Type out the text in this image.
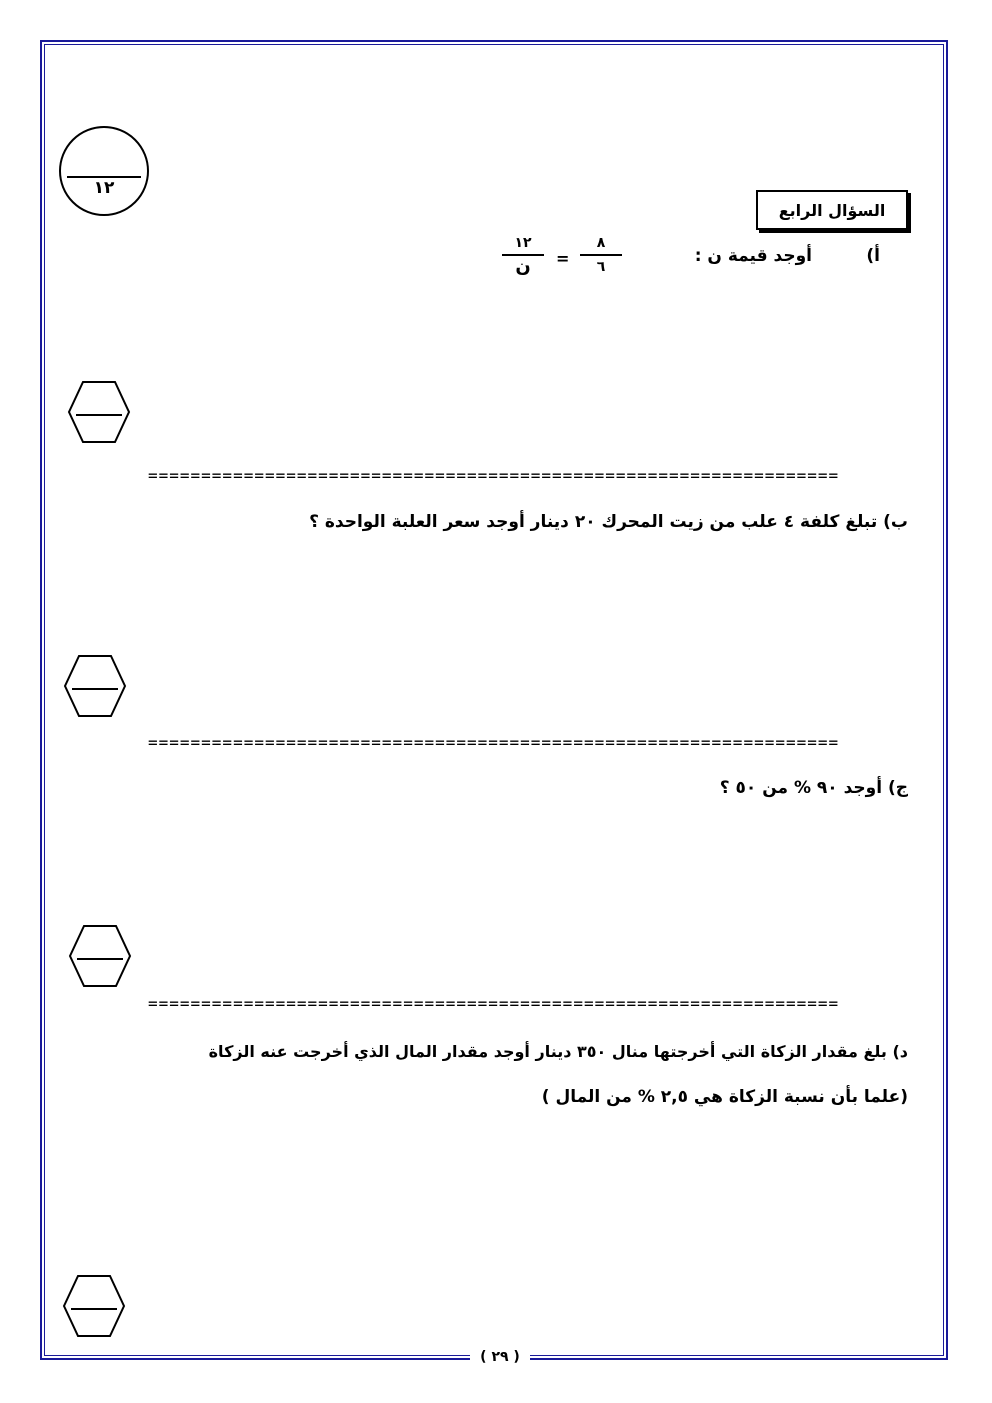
١٢
السؤال الرابع
أ)
أوجد قيمة ن :
١٢
ن	=
٨
٦
=================================================================
ب) تبلغ كلفة ٤ علب من زيت المحرك ٢٠ دينار أوجد سعر العلبة الواحدة ؟
=================================================================
ج) أوجد ٩٠ % من ٥٠ ؟
=================================================================
د) بلغ مقدار الزكاة التي أخرجتها منال ٣٥٠ دينار أوجد مقدار المال الذي أخرجت عنه الزكاة
(علما بأن نسبة الزكاة هي ٢,٥ % من المال )
( ٢٩ )
